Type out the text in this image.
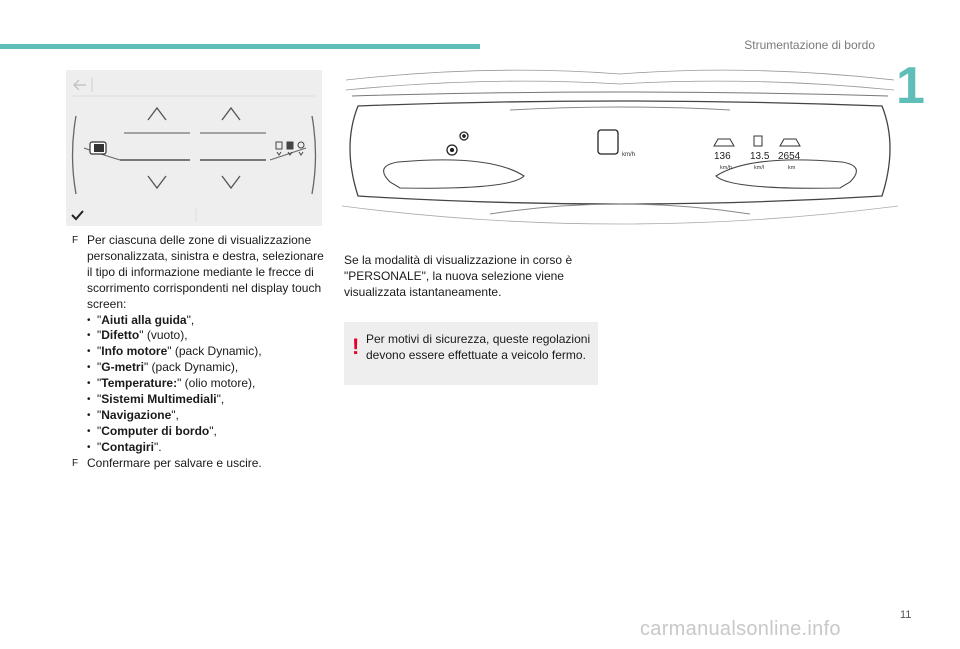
Strumentazione di bordo
1
km/h	136 13.5 2654
km/h	km/l	km
F Per ciascuna delle zone di visualizzazione personalizzata, sinistra e destra, selezionare il tipo di informazione mediante le frecce di scorrimento corrispondenti nel display touch screen:
• "Aiuti alla guida",
• "Difetto" (vuoto),
• "Info motore" (pack Dynamic),
• "G-metri" (pack Dynamic),
• "Temperature:" (olio motore),
• "Sistemi Multimediali",
• "Navigazione",
• "Computer di bordo",
• "Contagiri".
F Confermare per salvare e uscire.
Se la modalità di visualizzazione in corso è "PERSONALE", la nuova selezione viene visualizzata istantaneamente.
! Per motivi di sicurezza, queste regolazioni devono essere effettuate a veicolo fermo.
11
carmanualsonline.info
